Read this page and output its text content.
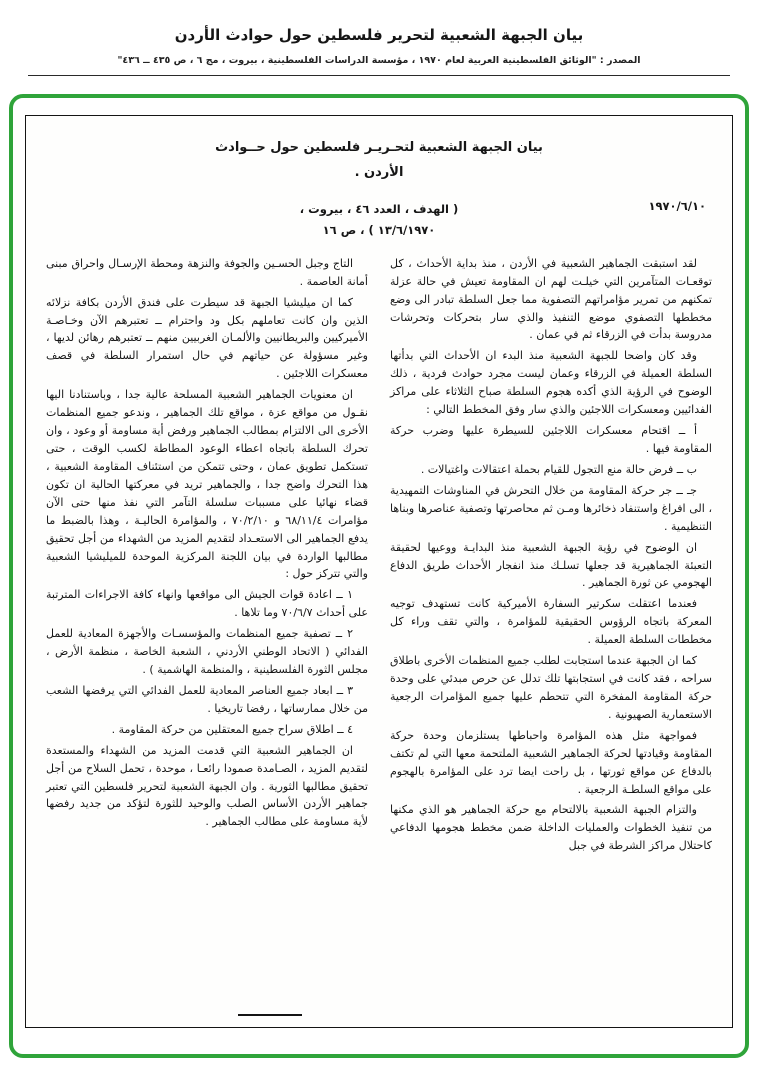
بيان الجبهة الشعبية لتحرير فلسطين حول حوادث الأردن
المصدر : "الوثائق الفلسطينية العربية لعام ١٩٧٠ ، مؤسسة الدراسات الفلسطينية ، بيروت ، مج ٦ ، ص ٤٣٥ ــ ٤٣٦"
بيان الجبهة الشعبية لتحـريـر فلسطين حول حــوادث
الأردن .
١٩٧٠/٦/١٠
( الهدف ، العدد ٤٦ ، بيروت ،
١٣/٦/١٩٧٠ ) ، ص ١٦

لقد استبقت الجماهير الشعبية في الأردن ، منذ بداية الأحداث ، كل توقعـات المتآمرين التي خيلـت لهم ان المقاومة تعيش في حالة عزلة تمكنهم من تمرير مؤامراتهم التصفوية مما جعل السلطة تبادر الى وضع مخططها التصفوي موضع التنفيذ والذي سار بتحركات وتحرشات مدروسة بدأت في الزرقاء ثم في عمان .

وقد كان واضحا للجبهة الشعبية منذ البدء ان الأحداث التي بدأتها السلطة العميلة في الزرقاء وعمان ليست مجرد حوادث فردية ، ذلك الوضوح في الرؤية الذي أكده هجوم السلطة صباح الثلاثاء على مراكز الفدائيين ومعسكرات اللاجئين والذي سار وفق المخطط التالي :

أ ــ اقتحام معسكرات اللاجئين للسيطرة عليها وضرب حركة المقاومة فيها .

ب ــ فرض حالة منع التجول للقيام بحملة اعتقالات واغتيالات .

جـ ــ جر حركة المقاومة من خلال التحرش في المناوشات التمهيدية ، الى افراغ واستنفاد ذخائرها ومـن ثم محاصرتها وتصفية عناصرها وبناها التنظيمية .

ان الوضوح في رؤية الجبهة الشعبية منذ البدايـة ووعيها لحقيقة التعبئة الجماهيرية قد جعلها تسلـك منذ انفجار الأحداث طريق الدفاع الهجومي عن ثورة الجماهير .

فعندما اعتقلت سكرتير السفارة الأميركية كانت تستهدف توجيه المعركة باتجاه الرؤوس الحقيقية للمؤامرة ، والتي تقف وراء كل مخططات السلطة العميلة .

كما ان الجبهة عندما استجابت لطلب جميع المنظمات الأخرى باطلاق سراحه ، فقد كانت في استجابتها تلك تدلل عن حرص مبدئي على وحدة حركة المقاومة المفخرة التي تتحطم عليها جميع المؤامرات الرجعية الاستعمارية الصهيونية .

فمواجهة مثل هذه المؤامرة واحباطها يستلزمان وحدة حركة المقاومة وقيادتها لحركة الجماهير الشعبية الملتحمة معها التي لم تكتف بالدفاع عن مواقع ثورتها ، بل راحت ايضا ترد على المؤامرة بالهجوم على مواقع السلطـة الرجعية .

والتزام الجبهة الشعبية بالالتحام مع حركة الجماهير هو الذي مكنها من تنفيذ الخطوات والعمليات الداخلة ضمن مخطط هجومها الدفاعي كاحتلال مراكز الشرطة في جبل

التاج وجبل الحسـين والجوفة والنزهة ومحطة الإرسـال واحراق مبنى أمانة العاصمة .

كما ان ميليشيا الجبهة قد سيطرت على فندق الأردن بكافة نزلائه الذين وان كانت تعاملهم بكل ود واحترام ــ تعتبرهم الآن وخـاصـة الأميركيين والبريطانيين والألمـان الغربيين منهم ــ تعتبرهم رهائن لديها ، وغير مسؤولة عن حياتهم في حال استمرار السلطة في قصف معسكرات اللاجئين .

ان معنويات الجماهير الشعبية المسلحة عالية جدا ، وباستنادنا اليها نقـول من مواقع عزة ، مواقع تلك الجماهير ، وندعو جميع المنظمات الأخرى الى الالتزام بمطالب الجماهير ورفض أية مساومة أو وعود ، وان تحرك السلطة باتجاه اعطاء الوعود المطاطة لكسب الوقت ، حتى تستكمل تطويق عمان ، وحتى تتمكن من استئناف المقاومة الشعبية ، هذا التحرك واضح جدا ، والجماهير تريد في معركتها الحالية ان تكون قضاء نهائيا على مسببات سلسلة التآمر التي نفذ منها حتى الآن مؤامرات ٦٨/١١/٤ و ٧٠/٢/١٠ ، والمؤامرة الحاليـة ، وهذا بالضبط ما يدفع الجماهير الى الاستعـداد لتقديم المزيد من الشهداء من أجل تحقيق مطالبها الواردة في بيان اللجنة المركزية الموحدة للميليشيا الشعبية والتي تتركز حول :

١ ــ اعادة قوات الجيش الى مواقعها وانهاء كافة الاجراءات المترتبة على أحداث ٧٠/٦/٧ وما تلاها .

٢ ــ تصفية جميع المنظمات والمؤسسـات والأجهزة المعادية للعمل الفدائي ( الاتحاد الوطني الأردني ، الشعبة الخاصة ، منظمة الأرض ، مجلس الثورة الفلسطينية ، والمنظمة الهاشمية ) .

٣ ــ ابعاد جميع العناصر المعادية للعمل الفدائي التي يرفضها الشعب من خلال ممارساتها ، رفضا تاريخيا .

٤ ــ اطلاق سراح جميع المعتقلين من حركة المقاومة .

ان الجماهير الشعبية التي قدمت المزيد من الشهداء والمستعدة لتقديم المزيد ، الصـامدة صمودا رائعـا ، موحدة ، تحمل السلاح من أجل تحقيق مطالبها الثورية . وان الجبهة الشعبية لتحرير فلسطين التي تعتبر جماهير الأردن الأساس الصلب والوحيد للثورة لتؤكد من جديد رفضها لأية مساومة على مطالب الجماهير .
